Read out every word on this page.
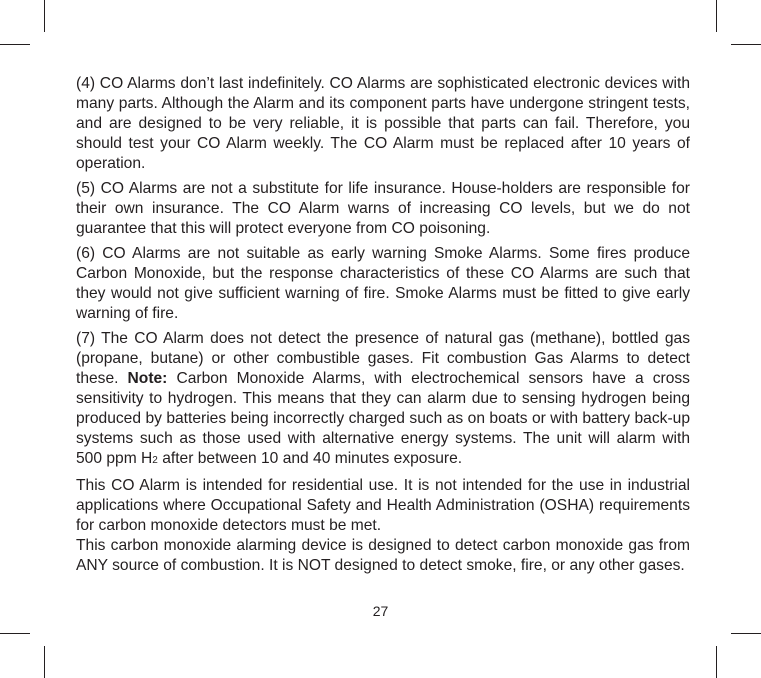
(4) CO Alarms don’t last indefinitely. CO Alarms are sophisticated electronic devices with many parts. Although the Alarm and its component parts have undergone stringent tests, and are designed to be very reliable, it is possible that parts can fail. Therefore, you should test your CO Alarm weekly. The CO Alarm must be replaced after 10 years of operation.

(5) CO Alarms are not a substitute for life insurance. House-holders are responsible for their own insurance. The CO Alarm warns of increasing CO levels, but we do not guarantee that this will protect everyone from CO poisoning.

(6) CO Alarms are not suitable as early warning Smoke Alarms. Some fires produce Carbon Monoxide, but the response characteristics of these CO Alarms are such that they would not give sufficient warning of fire. Smoke Alarms must be fitted to give early warning of fire.

(7) The CO Alarm does not detect the presence of natural gas (methane), bottled gas (propane, butane) or other combustible gases. Fit combustion Gas Alarms to detect these. Note: Carbon Monoxide Alarms, with electrochemical sensors have a cross sensitivity to hydrogen. This means that they can alarm due to sensing hydrogen being produced by batteries being incorrectly charged such as on boats or with battery back-up systems such as those used with alternative energy systems. The unit will alarm with 500 ppm H2 after between 10 and 40 minutes exposure.

This CO Alarm is intended for residential use. It is not intended for the use in industrial applications where Occupational Safety and Health Administration (OSHA) requirements for carbon monoxide detectors must be met.

This carbon monoxide alarming device is designed to detect carbon monoxide gas from ANY source of combustion. It is NOT designed to detect smoke, fire, or any other gases.

27
